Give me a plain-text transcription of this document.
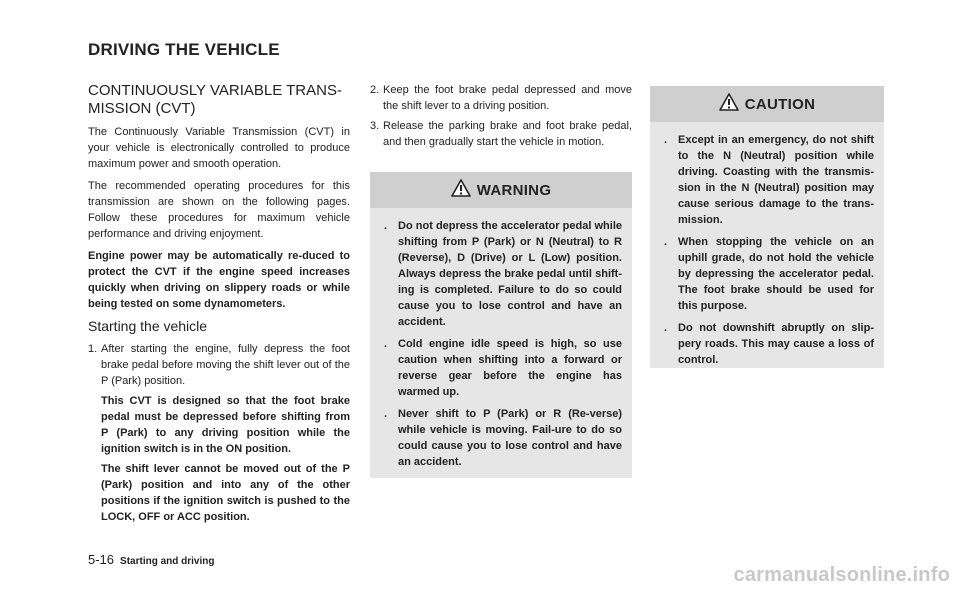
DRIVING THE VEHICLE
CONTINUOUSLY VARIABLE TRANS-MISSION (CVT)

The Continuously Variable Transmission (CVT) in your vehicle is electronically controlled to produce maximum power and smooth operation.

The recommended operating procedures for this transmission are shown on the following pages. Follow these procedures for maximum vehicle performance and driving enjoyment.

Engine power may be automatically re-duced to protect the CVT if the engine speed increases quickly when driving on slippery roads or while being tested on some dynamometers.

Starting the vehicle
1. After starting the engine, fully depress the foot brake pedal before moving the shift lever out of the P (Park) position.

This CVT is designed so that the foot brake pedal must be depressed before shifting from P (Park) to any driving position while the ignition switch is in the ON position.

The shift lever cannot be moved out of the P (Park) position and into any of the other positions if the ignition switch is pushed to the LOCK, OFF or ACC position.

2. Keep the foot brake pedal depressed and move the shift lever to a driving position.

3. Release the parking brake and foot brake pedal, and then gradually start the vehicle in motion.

WARNING
. Do not depress the accelerator pedal while shifting from P (Park) or N (Neutral) to R (Reverse), D (Drive) or L (Low) position. Always depress the brake pedal until shift-ing is completed. Failure to do so could cause you to lose control and have an accident.
. Cold engine idle speed is high, so use caution when shifting into a forward or reverse gear before the engine has warmed up.
. Never shift to P (Park) or R (Re-verse) while vehicle is moving. Fail-ure to do so could cause you to lose control and have an accident.
CAUTION
. Except in an emergency, do not shift to the N (Neutral) position while driving. Coasting with the transmis-sion in the N (Neutral) position may cause serious damage to the trans-mission.
. When stopping the vehicle on an uphill grade, do not hold the vehicle by depressing the accelerator pedal. The foot brake should be used for this purpose.
. Do not downshift abruptly on slip-pery roads. This may cause a loss of control.
5-16 Starting and driving
carmanualsonline.info
